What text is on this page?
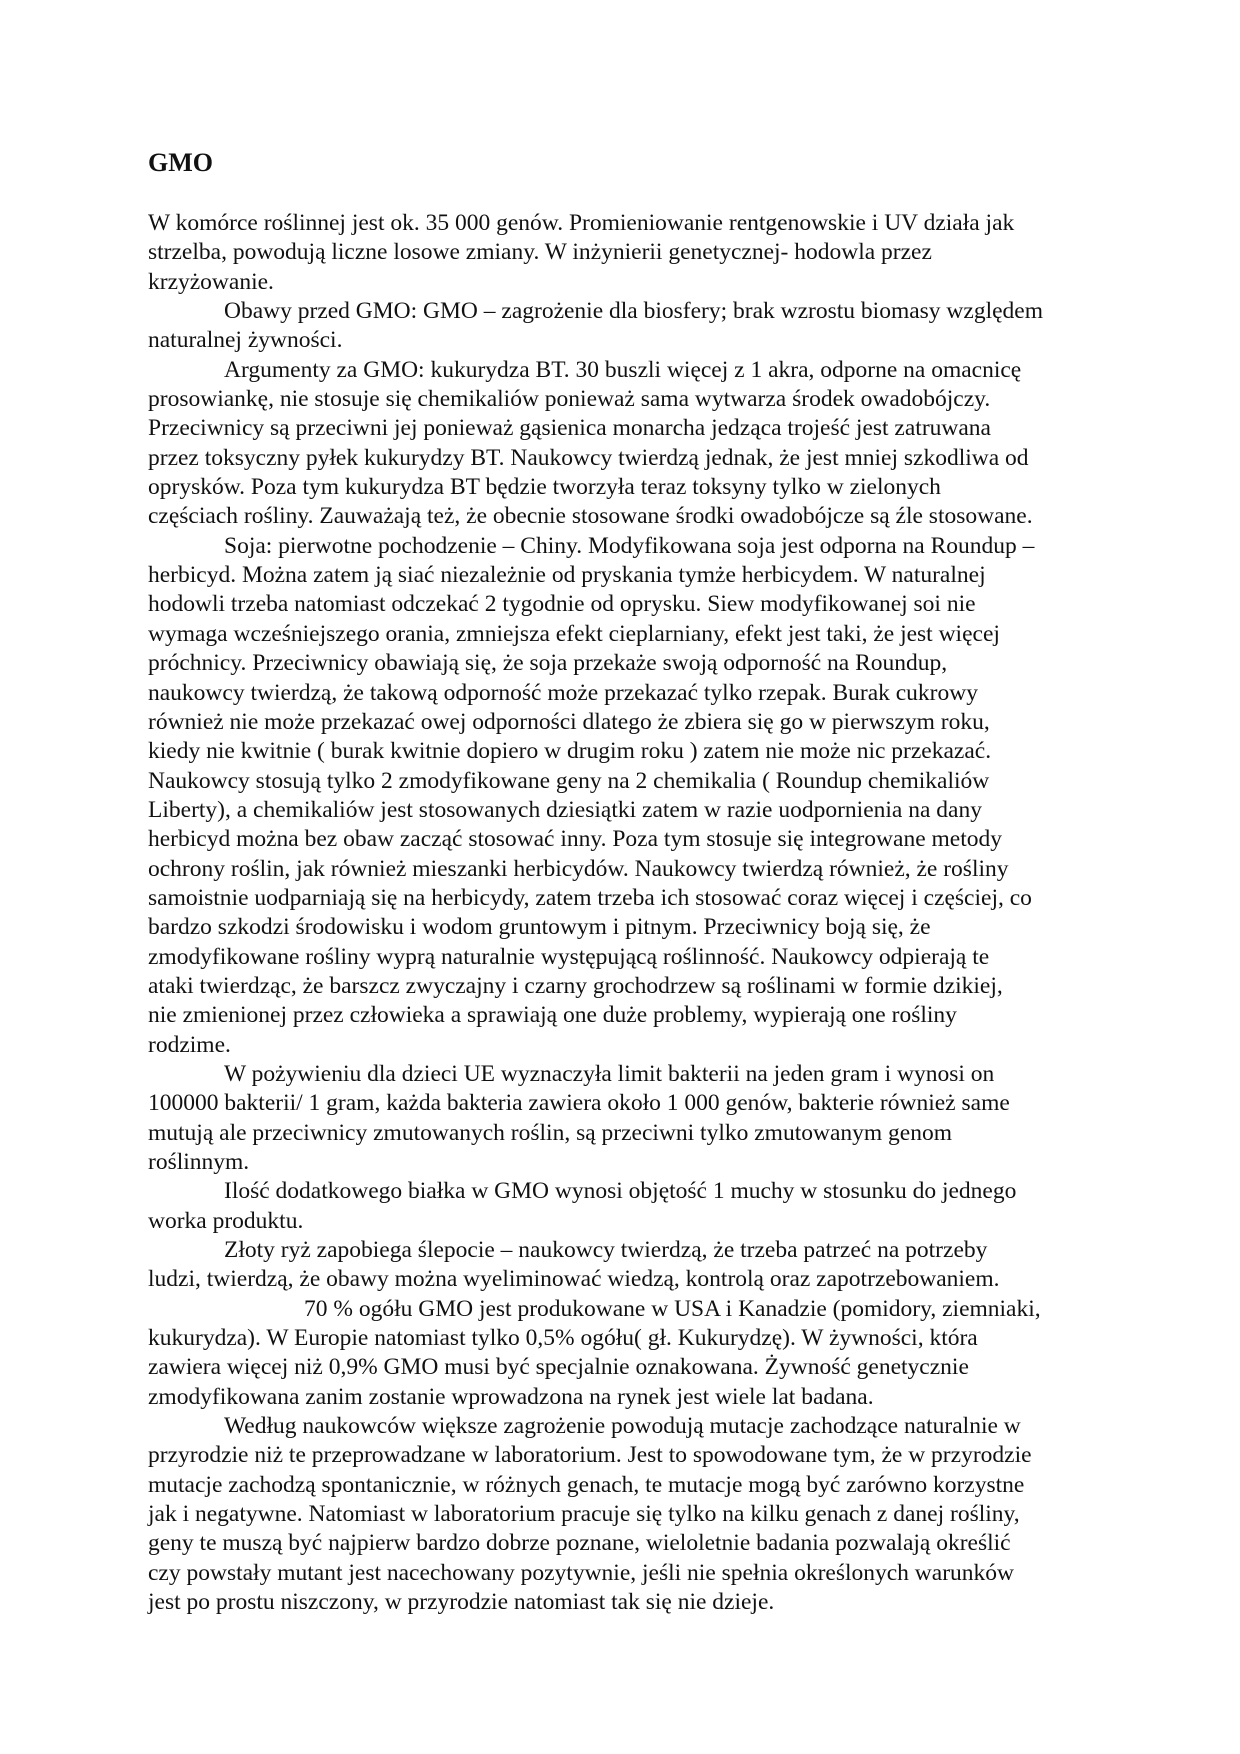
GMO
W komórce roślinnej jest ok. 35 000 genów. Promieniowanie rentgenowskie i UV działa jak
strzelba, powodują liczne losowe zmiany. W inżynierii genetycznej- hodowla przez
krzyżowanie.
Obawy przed GMO: GMO – zagrożenie dla biosfery; brak wzrostu biomasy względem
naturalnej żywności.
Argumenty za GMO: kukurydza BT. 30 buszli więcej z 1 akra, odporne na omacnicę
prosowiankę, nie stosuje się chemikaliów ponieważ sama wytwarza środek owadobójczy.
Przeciwnicy są przeciwni jej ponieważ gąsienica monarcha jedząca trojeść jest zatruwana
przez toksyczny pyłek kukurydzy BT. Naukowcy twierdzą jednak, że jest mniej szkodliwa od
oprysków. Poza tym kukurydza BT będzie tworzyła teraz toksyny tylko w zielonych
częściach rośliny. Zauważają też, że obecnie stosowane środki owadobójcze są źle stosowane.
Soja: pierwotne pochodzenie – Chiny. Modyfikowana soja jest odporna na Roundup –
herbicyd. Można zatem ją siać niezależnie od pryskania tymże herbicydem. W naturalnej
hodowli trzeba natomiast odczekać 2 tygodnie od oprysku. Siew modyfikowanej soi nie
wymaga wcześniejszego orania, zmniejsza efekt cieplarniany, efekt jest taki, że jest więcej
próchnicy. Przeciwnicy obawiają się, że soja przekaże swoją odporność na Roundup,
naukowcy twierdzą, że takową odporność może przekazać tylko rzepak. Burak cukrowy
również nie może przekazać owej odporności dlatego że zbiera się go w pierwszym roku,
kiedy nie kwitnie ( burak kwitnie dopiero w drugim roku ) zatem nie może nic przekazać.
Naukowcy stosują tylko 2 zmodyfikowane geny na 2 chemikalia ( Roundup chemikaliów
Liberty), a chemikaliów jest stosowanych dziesiątki zatem w razie uodpornienia na dany
herbicyd można bez obaw zacząć stosować inny. Poza tym stosuje się integrowane metody
ochrony roślin, jak również mieszanki herbicydów. Naukowcy twierdzą również, że rośliny
samoistnie uodparniają się na herbicydy, zatem trzeba ich stosować coraz więcej i częściej, co
bardzo szkodzi środowisku i wodom gruntowym i pitnym. Przeciwnicy boją się, że
zmodyfikowane rośliny wyprą naturalnie występującą roślinność. Naukowcy odpierają te
ataki twierdząc, że barszcz zwyczajny i czarny grochodrzew są roślinami w formie dzikiej,
nie zmienionej przez człowieka a sprawiają one duże problemy, wypierają one rośliny
rodzime.
W pożywieniu dla dzieci UE wyznaczyła limit bakterii na jeden gram i wynosi on
100000 bakterii/ 1 gram, każda bakteria zawiera około 1 000 genów, bakterie również same
mutują ale przeciwnicy zmutowanych roślin, są przeciwni tylko zmutowanym genom
roślinnym.
Ilość dodatkowego białka w GMO wynosi objętość 1 muchy w stosunku do jednego
worka produktu.
Złoty ryż zapobiega ślepocie – naukowcy twierdzą, że trzeba patrzeć na potrzeby
ludzi, twierdzą, że obawy można wyeliminować wiedzą, kontrolą oraz zapotrzebowaniem.
70 % ogółu GMO jest produkowane w USA i Kanadzie (pomidory, ziemniaki,
kukurydza). W Europie natomiast tylko 0,5% ogółu( gł. Kukurydzę). W żywności, która
zawiera więcej niż 0,9% GMO musi być specjalnie oznakowana. Żywność genetycznie
zmodyfikowana zanim zostanie wprowadzona na rynek jest wiele lat badana.
Według naukowców większe zagrożenie powodują mutacje zachodzące naturalnie w
przyrodzie niż te przeprowadzane w laboratorium. Jest to spowodowane tym, że w przyrodzie
mutacje zachodzą spontanicznie, w różnych genach, te mutacje mogą być zarówno korzystne
jak i negatywne. Natomiast w laboratorium pracuje się tylko na kilku genach z danej rośliny,
geny te muszą być najpierw bardzo dobrze poznane, wieloletnie badania pozwalają określić
czy powstały mutant jest nacechowany pozytywnie, jeśli nie spełnia określonych warunków
jest po prostu niszczony, w przyrodzie natomiast tak się nie dzieje.
